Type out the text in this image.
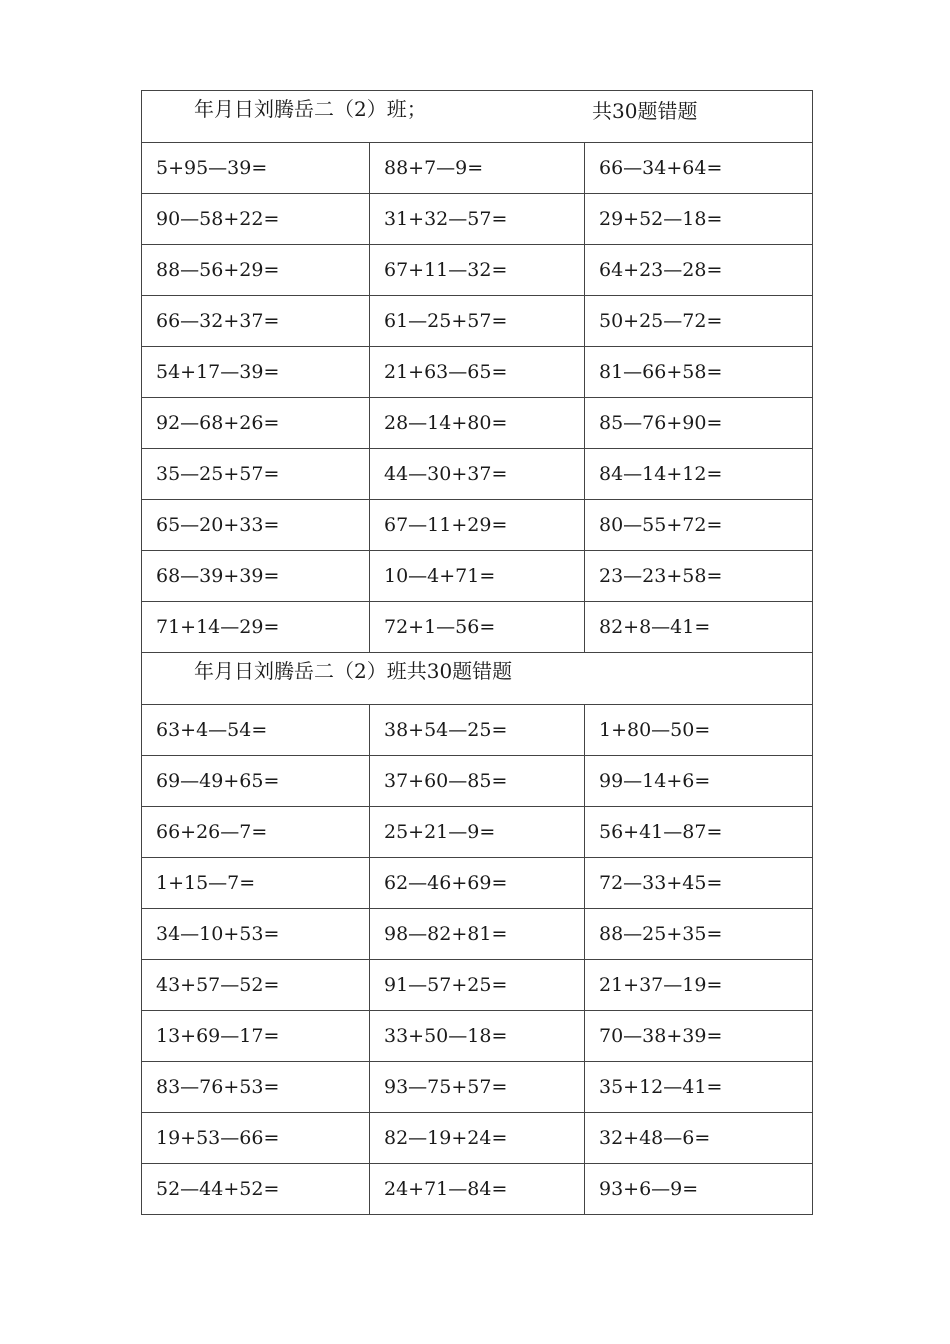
年月日刘腾岳二（2）班； 共30题错题		

5+95—39=	88+7—9=	66—34+64=
90—58+22=	31+32—57=	29+52—18=
88—56+29=	67+11—32=	64+23—28=
66—32+37=	61—25+57=	50+25—72=
54+17—39=	21+63—65=	81—66+58=
92—68+26=	28—14+80=	85—76+90=
35—25+57=	44—30+37=	84—14+12=
65—20+33=	67—11+29=	80—55+72=
68—39+39=	10—4+71=	23—23+58=
71+14—29=	72+1—56=	82+8—41=

年月日刘腾岳二（2）班共30题错题		

63+4—54=	38+54—25=	1+80—50=
69—49+65=	37+60—85=	99—14+6=
66+26—7=	25+21—9=	56+41—87=
1+15—7=	62—46+69=	72—33+45=
34—10+53=	98—82+81=	88—25+35=
43+57—52=	91—57+25=	21+37—19=
13+69—17=	33+50—18=	70—38+39=
83—76+53=	93—75+57=	35+12—41=
19+53—66=	82—19+24=	32+48—6=
52—44+52=	24+71—84=	93+6—9=
